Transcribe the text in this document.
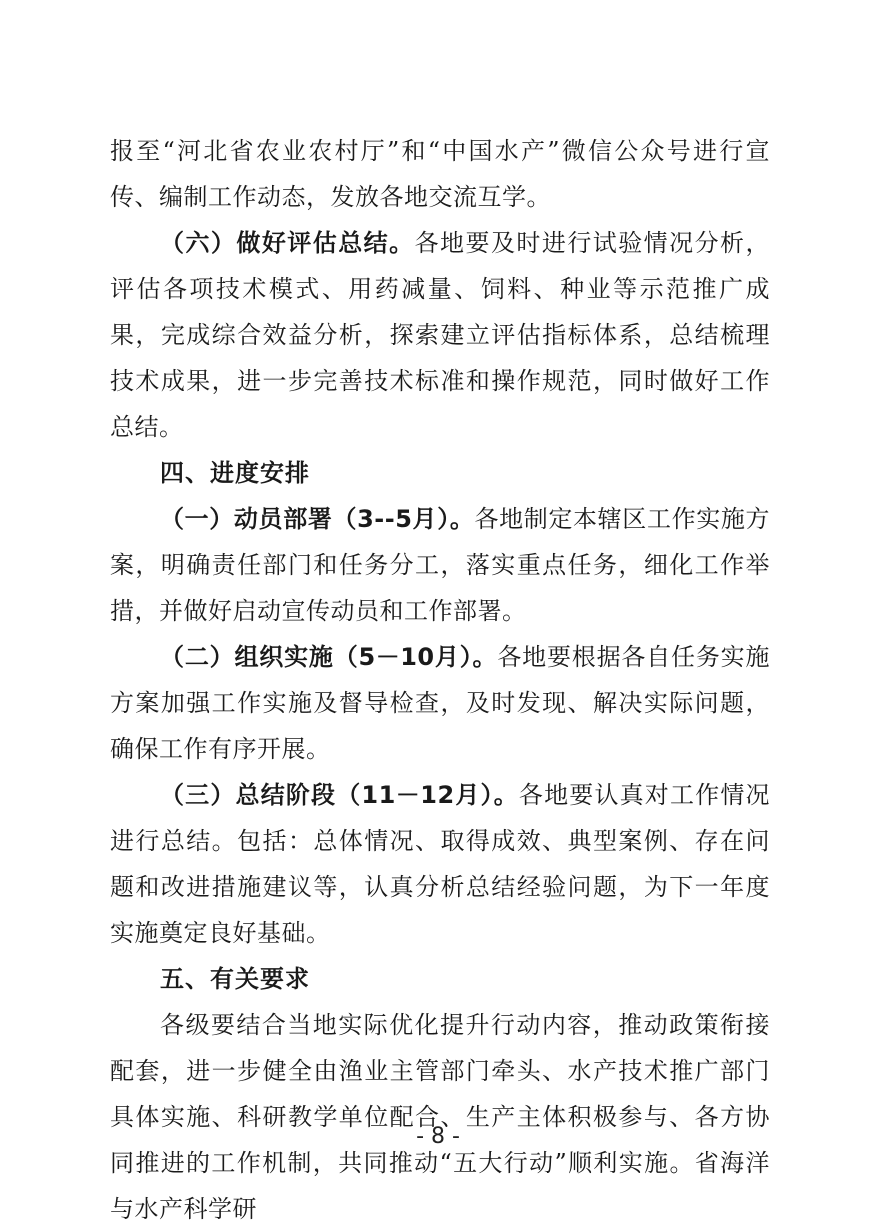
报至“河北省农业农村厅”和“中国水产”微信公众号进行宣传、编制工作动态，发放各地交流互学。

（六）做好评估总结。各地要及时进行试验情况分析，评估各项技术模式、用药减量、饲料、种业等示范推广成果，完成综合效益分析，探索建立评估指标体系，总结梳理技术成果，进一步完善技术标准和操作规范，同时做好工作总结。

四、进度安排

（一）动员部署（3--5月）。各地制定本辖区工作实施方案，明确责任部门和任务分工，落实重点任务，细化工作举措，并做好启动宣传动员和工作部署。

（二）组织实施（5－10月）。各地要根据各自任务实施方案加强工作实施及督导检查，及时发现、解决实际问题，确保工作有序开展。

（三）总结阶段（11－12月）。各地要认真对工作情况进行总结。包括：总体情况、取得成效、典型案例、存在问题和改进措施建议等，认真分析总结经验问题，为下一年度实施奠定良好基础。

五、有关要求

各级要结合当地实际优化提升行动内容，推动政策衔接配套，进一步健全由渔业主管部门牵头、水产技术推广部门具体实施、科研教学单位配合、生产主体积极参与、各方协同推进的工作机制，共同推动“五大行动”顺利实施。省海洋与水产科学研

- 8 -
